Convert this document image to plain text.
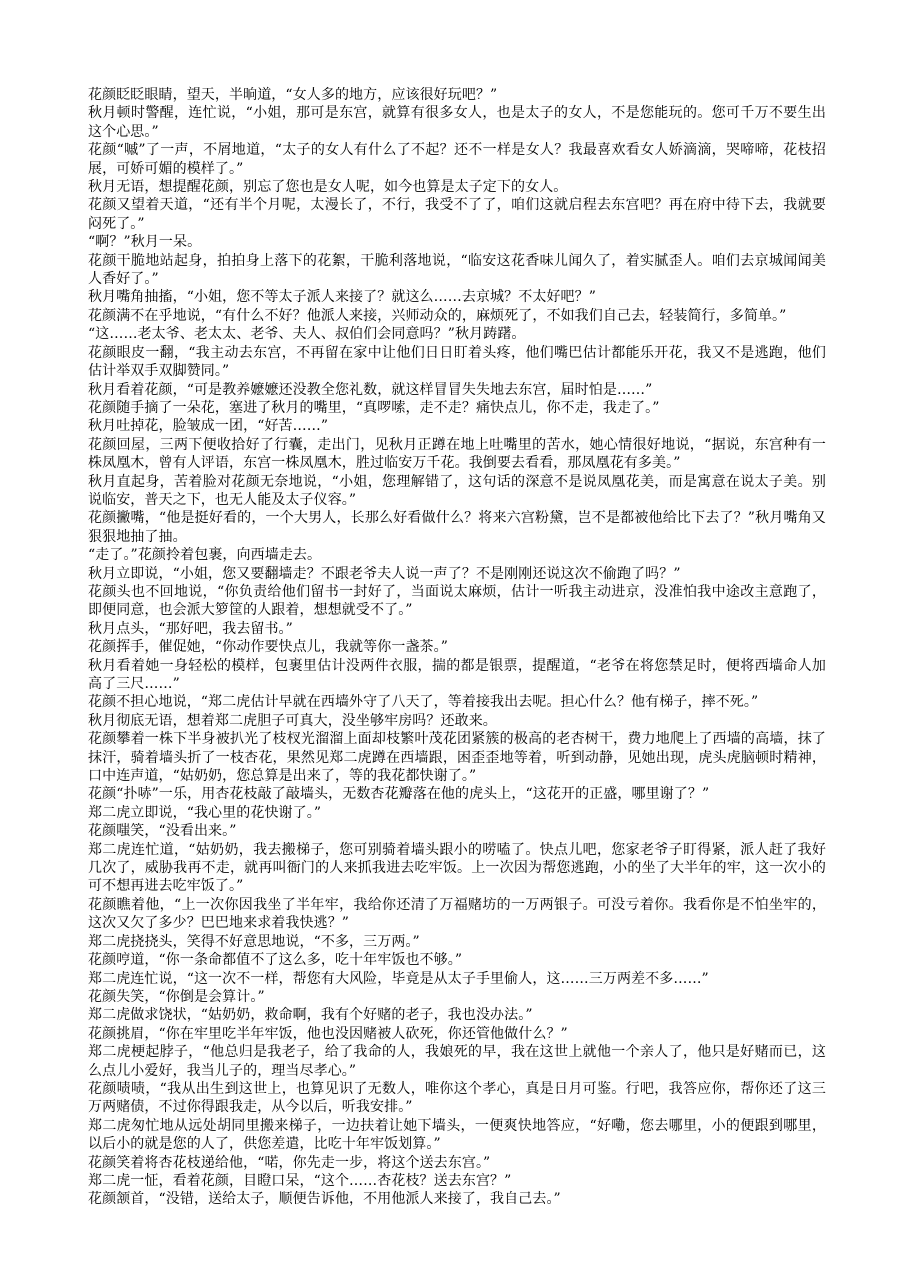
花颜眨眨眼睛，望天，半晌道，“女人多的地方，应该很好玩吧？”

秋月顿时警醒，连忙说，“小姐，那可是东宫，就算有很多女人，也是太子的女人，不是您能玩的。您可千万不要生出这个心思。”

花颜“嘁”了一声，不屑地道，“太子的女人有什么了不起？还不一样是女人？我最喜欢看女人娇滴滴，哭啼啼，花枝招展，可娇可媚的模样了。”

秋月无语，想提醒花颜，别忘了您也是女人呢，如今也算是太子定下的女人。

花颜又望着天道，“还有半个月呢，太漫长了，不行，我受不了了，咱们这就启程去东宫吧？再在府中待下去，我就要闷死了。”

“啊？”秋月一呆。

花颜干脆地站起身，拍拍身上落下的花絮，干脆利落地说，“临安这花香味儿闻久了，着实腻歪人。咱们去京城闻闻美人香好了。”

秋月嘴角抽搐，“小姐，您不等太子派人来接了？就这么……去京城？不太好吧？”

花颜满不在乎地说，“有什么不好？他派人来接，兴师动众的，麻烦死了，不如我们自己去，轻装简行，多简单。”

“这……老太爷、老太太、老爷、夫人、叔伯们会同意吗？”秋月踌躇。

花颜眼皮一翻，“我主动去东宫，不再留在家中让他们日日盯着头疼，他们嘴巴估计都能乐开花，我又不是逃跑，他们估计举双手双脚赞同。”

秋月看着花颜，“可是教养嬷嬷还没教全您礼数，就这样冒冒失失地去东宫，届时怕是……”

花颜随手摘了一朵花，塞进了秋月的嘴里，“真啰嗦，走不走？痛快点儿，你不走，我走了。”

秋月吐掉花，脸皱成一团，“好苦……”

花颜回屋，三两下便收拾好了行囊，走出门，见秋月正蹲在地上吐嘴里的苦水，她心情很好地说，“据说，东宫种有一株凤凰木，曾有人评语，东宫一株凤凰木，胜过临安万千花。我倒要去看看，那凤凰花有多美。”

秋月直起身，苦着脸对花颜无奈地说，“小姐，您理解错了，这句话的深意不是说凤凰花美，而是寓意在说太子美。别说临安，普天之下，也无人能及太子仪容。”

花颜撇嘴，“他是挺好看的，一个大男人，长那么好看做什么？将来六宫粉黛，岂不是都被他给比下去了？”秋月嘴角又狠狠地抽了抽。

“走了。”花颜拎着包裹，向西墙走去。

秋月立即说，“小姐，您又要翻墙走？不跟老爷夫人说一声了？不是刚刚还说这次不偷跑了吗？”

花颜头也不回地说，“你负责给他们留书一封好了，当面说太麻烦，估计一听我主动进京，没准怕我中途改主意跑了，即便同意，也会派大箩筐的人跟着，想想就受不了。”

秋月点头，“那好吧，我去留书。”

花颜挥手，催促她，“你动作要快点儿，我就等你一盏茶。”

秋月看着她一身轻松的模样，包裹里估计没两件衣服，揣的都是银票，提醒道，“老爷在将您禁足时，便将西墙命人加高了三尺……”

花颜不担心地说，“郑二虎估计早就在西墙外守了八天了，等着接我出去呢。担心什么？他有梯子，摔不死。”

秋月彻底无语，想着郑二虎胆子可真大，没坐够牢房吗？还敢来。

花颜攀着一株下半身被扒光了枝杈光溜溜上面却枝繁叶茂花团紧簇的极高的老杏树干，费力地爬上了西墙的高墙，抹了抹汗，骑着墙头折了一枝杏花，果然见郑二虎蹲在西墙跟，困歪歪地等着，听到动静，见她出现，虎头虎脑顿时精神，口中连声道，“姑奶奶，您总算是出来了，等的我花都快谢了。”

花颜“扑哧”一乐，用杏花枝敲了敲墙头，无数杏花瓣落在他的虎头上，“这花开的正盛，哪里谢了？”

郑二虎立即说，“我心里的花快谢了。”

花颜嗤笑，“没看出来。”

郑二虎连忙道，“姑奶奶，我去搬梯子，您可别骑着墙头跟小的唠嗑了。快点儿吧，您家老爷子盯得紧，派人赶了我好几次了，威胁我再不走，就再叫衙门的人来抓我进去吃牢饭。上一次因为帮您逃跑，小的坐了大半年的牢，这一次小的可不想再进去吃牢饭了。”

花颜瞧着他，“上一次你因我坐了半年牢，我给你还清了万福赌坊的一万两银子。可没亏着你。我看你是不怕坐牢的，这次又欠了多少？巴巴地来求着我快逃？”

郑二虎挠挠头，笑得不好意思地说，“不多，三万两。”

花颜哼道，“你一条命都值不了这么多，吃十年牢饭也不够。”

郑二虎连忙说，“这一次不一样，帮您有大风险，毕竟是从太子手里偷人，这……三万两差不多……”

花颜失笑，“你倒是会算计。”

郑二虎做求饶状，“姑奶奶，救命啊，我有个好赌的老子，我也没办法。”

花颜挑眉，“你在牢里吃半年牢饭，他也没因赌被人砍死，你还管他做什么？”

郑二虎梗起脖子，“他总归是我老子，给了我命的人，我娘死的早，我在这世上就他一个亲人了，他只是好赌而已，这么点儿小爱好，我当儿子的，理当尽孝心。”

花颜啧啧，“我从出生到这世上，也算见识了无数人，唯你这个孝心，真是日月可鉴。行吧，我答应你，帮你还了这三万两赌债，不过你得跟我走，从今以后，听我安排。”

郑二虎匆忙地从远处胡同里搬来梯子，一边扶着让她下墙头，一便爽快地答应，“好嘞，您去哪里，小的便跟到哪里，以后小的就是您的人了，供您差遣，比吃十年牢饭划算。”

花颜笑着将杏花枝递给他，“喏，你先走一步，将这个送去东宫。”

郑二虎一怔，看着花颜，目瞪口呆，“这个……杏花枝？送去东宫？”

花颜颔首，“没错，送给太子，顺便告诉他，不用他派人来接了，我自己去。”
